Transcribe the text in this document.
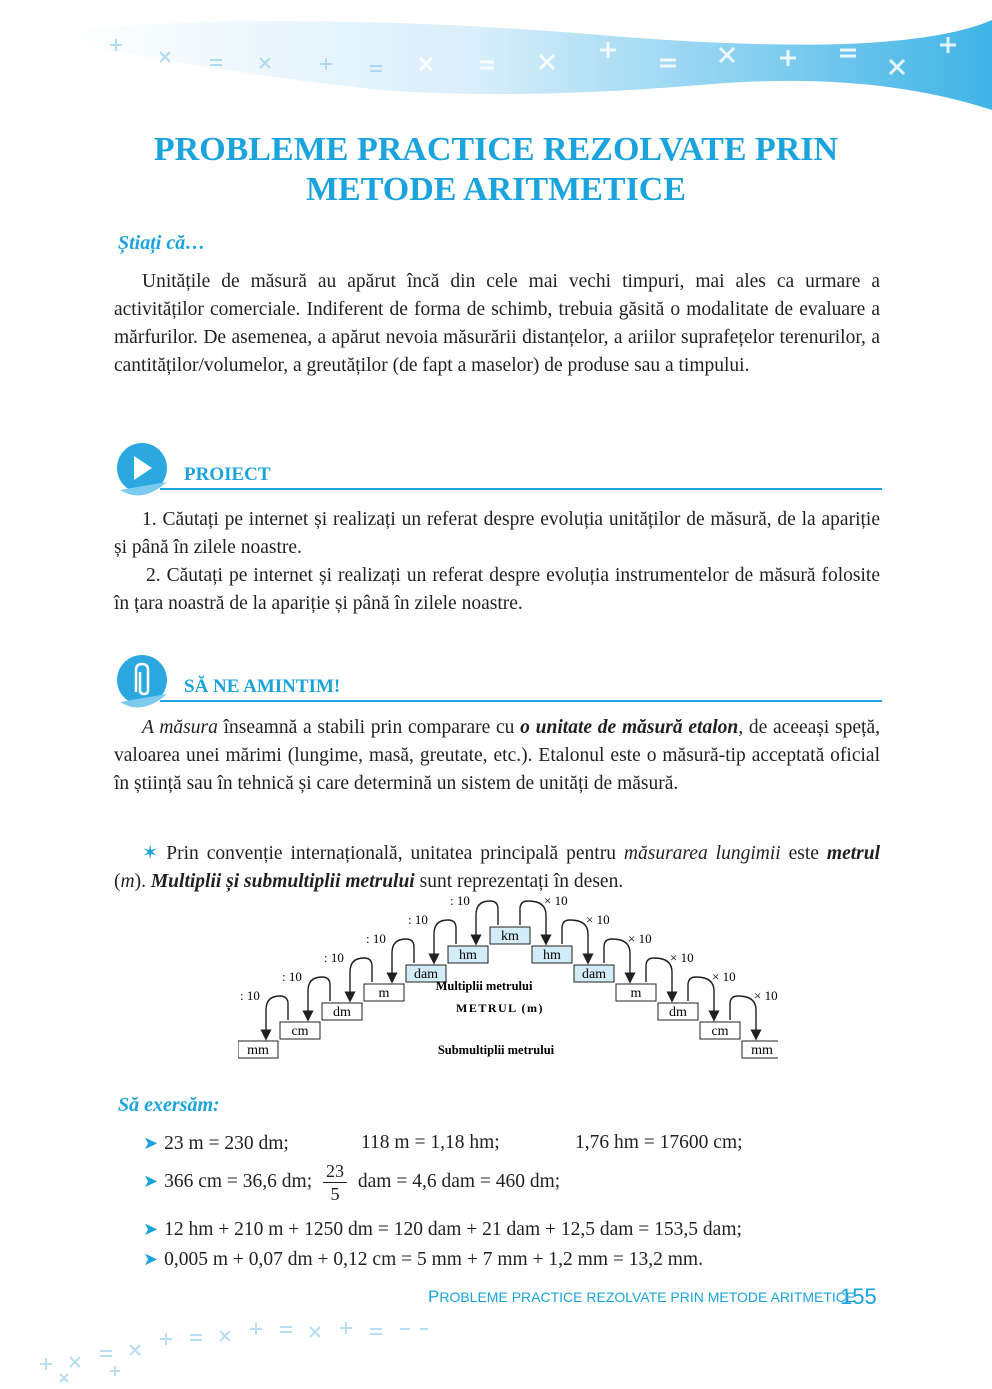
PROBLEME PRACTICE REZOLVATE PRIN
METODE ARITMETICE
Știați că…

Unitățile de măsură au apărut încă din cele mai vechi timpuri, mai ales ca urmare a activităților comerciale. Indiferent de forma de schimb, trebuia găsită o modalitate de evaluare a mărfurilor. De asemenea, a apărut nevoia măsurării distanțelor, a ariilor suprafețelor terenurilor, a cantităților/volumelor, a greutăților (de fapt a maselor) de produse sau a timpului.

PROIECT

1. Căutați pe internet și realizați un referat despre evoluția unităților de măsură, de la apariție și până în zilele noastre.

2. Căutați pe internet și realizați un referat despre evoluția instrumentelor de măsură folosite în țara noastră de la apariție și până în zilele noastre.

SĂ NE AMINTIM!

A măsura înseamnă a stabili prin comparare cu o unitate de măsură etalon, de aceeași speță, valoarea unei mărimi (lungime, masă, greutate, etc.). Etalonul este o măsură-tip acceptată oficial în știință sau în tehnică și care determină un sistem de unități de măsură.

✶ Prin convenție internațională, unitatea principală pentru măsurarea lungimii este metrul (m). Multiplii și submultiplii metrului sunt reprezentați în desen.

mm
cm
dm
m
dam
hm
km
hm
dam
m
dm
cm
mm
: 10
: 10
: 10
: 10
: 10
: 10	× 10
× 10
× 10
× 10
× 10
× 10
Multiplii metrului
METRUL (m)
Submultiplii metrului
Să exersăm:
➤ 23 m = 230 dm;	118 m = 1,18 hm;	1,76 hm = 17600 cm;
➤ 366 cm = 36,6 dm; $\frac{23}{5}$ dam = 4,6 dam = 460 dm;
➤ 12 hm + 210 m + 1250 dm = 120 dam + 21 dam + 12,5 dam = 153,5 dam;
➤ 0,005 m + 0,07 dm + 0,12 cm = 5 mm + 7 mm + 1,2 mm = 13,2 mm.
PROBLEME PRACTICE REZOLVATE PRIN METODE ARITMETICE
155
